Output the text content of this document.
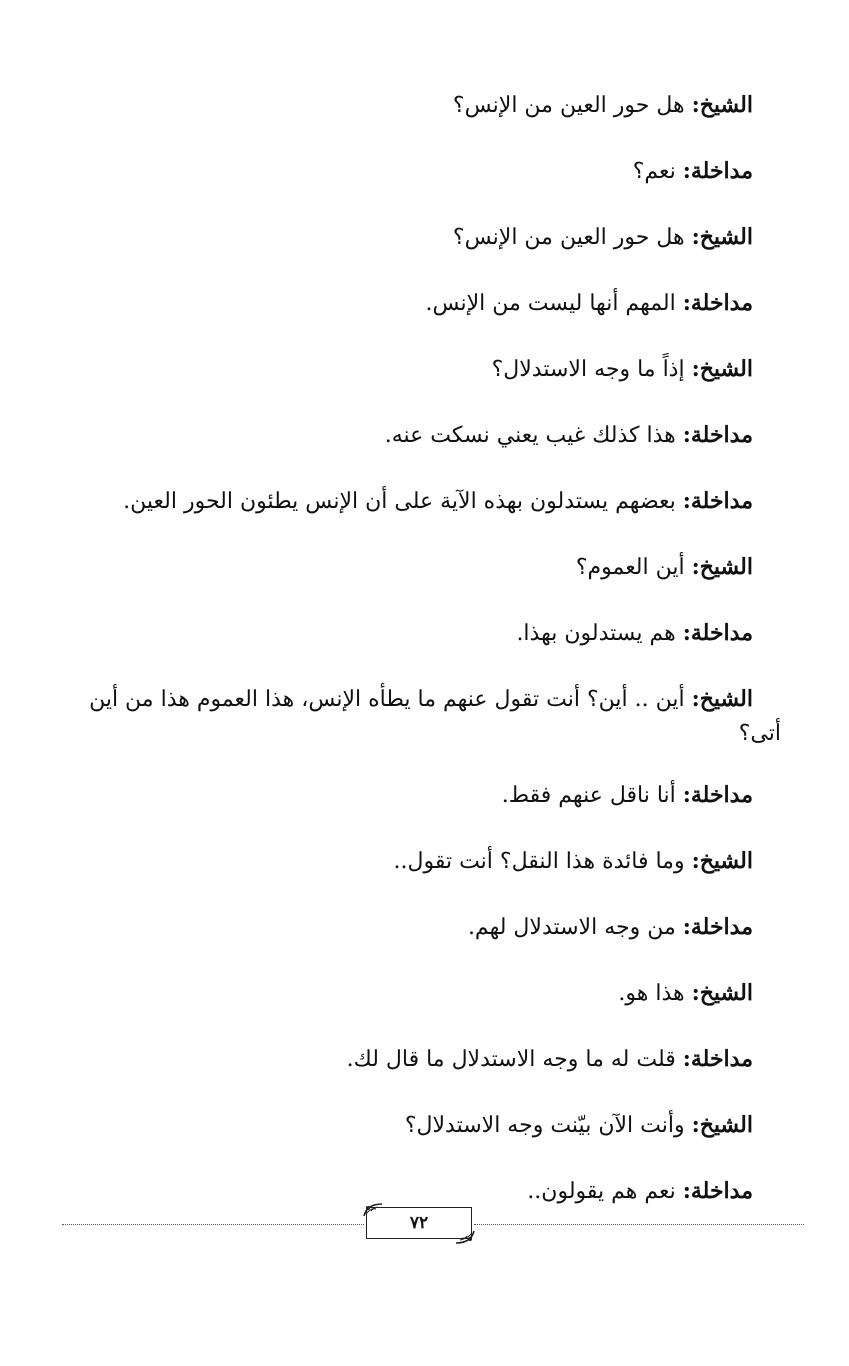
الشيخ: هل حور العين من الإنس؟

مداخلة: نعم؟

الشيخ: هل حور العين من الإنس؟

مداخلة: المهم أنها ليست من الإنس.

الشيخ: إذاً ما وجه الاستدلال؟

مداخلة: هذا كذلك غيب يعني نسكت عنه.

مداخلة: بعضهم يستدلون بهذه الآية على أن الإنس يطئون الحور العين.

الشيخ: أين العموم؟

مداخلة: هم يستدلون بهذا.

الشيخ: أين .. أين؟ أنت تقول عنهم ما يطأه الإنس، هذا العموم هذا من أين
أتى؟

مداخلة: أنا ناقل عنهم فقط.

الشيخ: وما فائدة هذا النقل؟ أنت تقول..

مداخلة: من وجه الاستدلال لهم.

الشيخ: هذا هو.

مداخلة: قلت له ما وجه الاستدلال ما قال لك.

الشيخ: وأنت الآن بيّنت وجه الاستدلال؟

مداخلة: نعم هم يقولون..

٧٢
